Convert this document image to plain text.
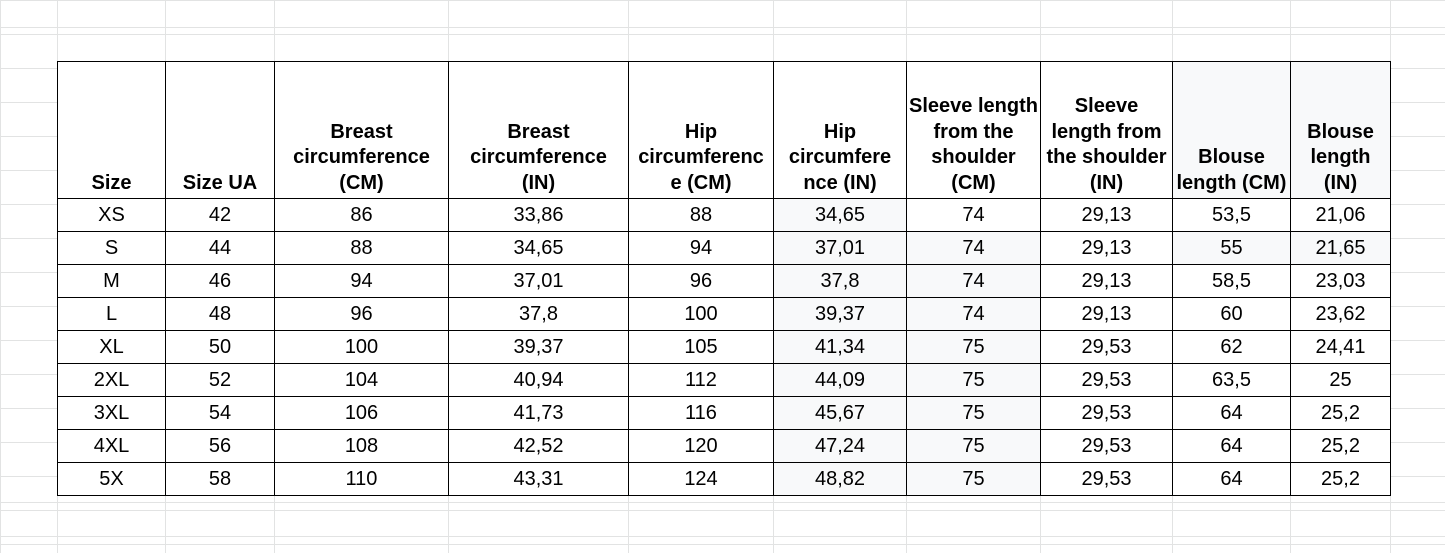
Size	Size UA	Breast circumference (CM)	Breast circumference (IN)	Hip circumferenc e (CM)	Hip circumfere nce (IN)	Sleeve length from the shoulder (CM)	Sleeve length from the shoulder (IN)	Blouse length (CM)	Blouse length (IN)
XS	42	86	33,86	88	34,65	74	29,13	53,5	21,06
S	44	88	34,65	94	37,01	74	29,13	55	21,65
M	46	94	37,01	96	37,8	74	29,13	58,5	23,03
L	48	96	37,8	100	39,37	74	29,13	60	23,62
XL	50	100	39,37	105	41,34	75	29,53	62	24,41
2XL	52	104	40,94	112	44,09	75	29,53	63,5	25
3XL	54	106	41,73	116	45,67	75	29,53	64	25,2
4XL	56	108	42,52	120	47,24	75	29,53	64	25,2
5X	58	110	43,31	124	48,82	75	29,53	64	25,2
